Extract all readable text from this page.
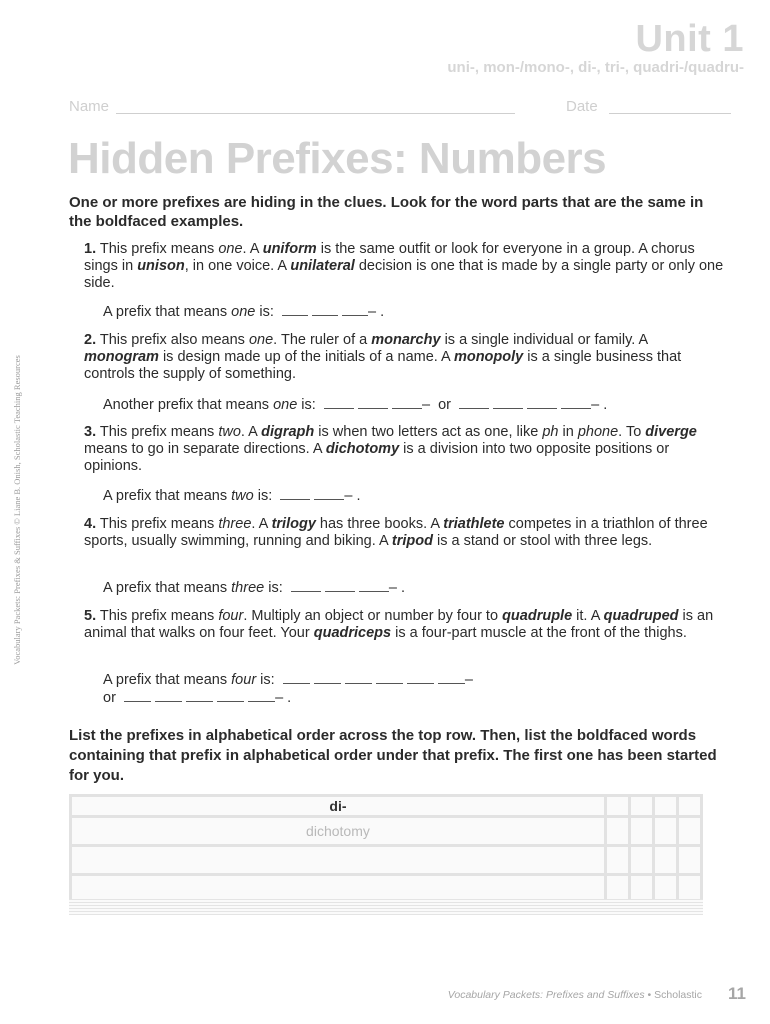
Unit 1
uni-, mon-/mono-, di-, tri-, quadri-/quadru-
Name	Date
Hidden Prefixes: Numbers
One or more prefixes are hiding in the clues. Look for the word parts that are the same in the boldfaced examples.

1. This prefix means one. A uniform is the same outfit or look for everyone in a group. A chorus sings in unison, in one voice. A unilateral decision is one that is made by a single party or only one side.

A prefix that means one is:	– .

2. This prefix also means one. The ruler of a monarchy is a single individual or family. A monogram is design made up of the initials of a name. A monopoly is a single business that controls the supply of something.

Another prefix that means one is:	– or	– .

3. This prefix means two. A digraph is when two letters act as one, like ph in phone. To diverge means to go in separate directions. A dichotomy is a division into two opposite positions or opinions.

A prefix that means two is:	– .

4. This prefix means three. A trilogy has three books. A triathlete competes in a triathlon of three sports, usually swimming, running and biking. A tripod is a stand or stool with three legs.

A prefix that means three is:	– .

5. This prefix means four. Multiply an object or number by four to quadruple it. A quadruped is an animal that walks on four feet. Your quadriceps is a four-part muscle at the front of the thighs.

A prefix that means four is:	–

or	– .

List the prefixes in alphabetical order across the top row. Then, list the boldfaced words containing that prefix in alphabetical order under that prefix. The first one has been started for you.
di-				
dichotomy				

Vocabulary Packets: Prefixes & Suffixes © Liane B. Onish, Scholastic Teaching Resources
Vocabulary Packets: Prefixes and Suffixes • Scholastic 11
